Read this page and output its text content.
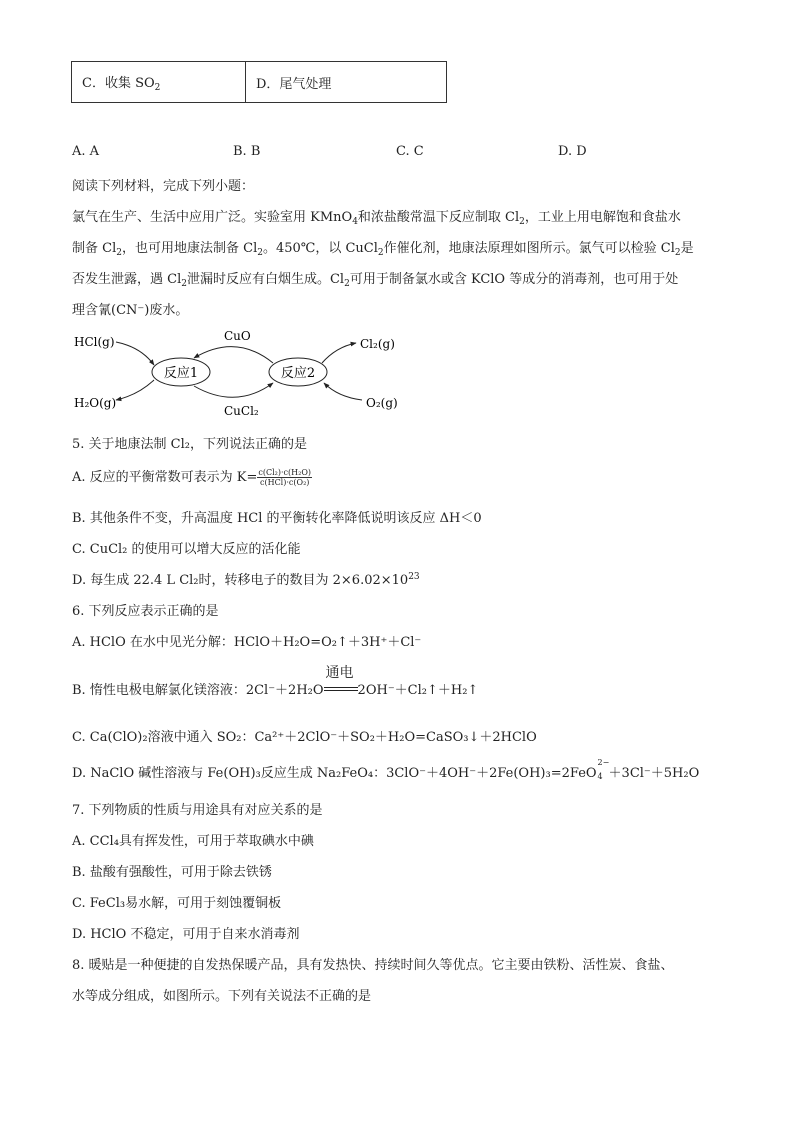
C．收集 $SO_2$	D．尾气处理
A. A	B. B	C. C	D. D
阅读下列材料，完成下列小题：
氯气在生产、生活中应用广泛。实验室用 KMnO$_4$和浓盐酸常温下反应制取 $Cl_2$，工业上用电解饱和食盐水
制备 $Cl_2$，也可用地康法制备 $Cl_2$。450℃，以 CuCl$_2$作催化剂，地康法原理如图所示。氯气可以检验 $Cl_2$是
否发生泄露，遇 $Cl_2$泄漏时反应有白烟生成。$Cl_2$可用于制备氯水或含 KClO 等成分的消毒剂，也可用于处
理含氰(CN⁻)废水。
HCl(g)
H₂O(g)
CuO
CuCl₂
Cl₂(g)
O₂(g)
反应1	反应2
5. 关于地康法制 Cl₂，下列说法正确的是
A. 反应的平衡常数可表示为 $K= \frac{\text{c(Cl₂)·c(H₂O)}}{\text{c(HCl)·c(O₂)}}$
B. 其他条件不变，升高温度 HCl 的平衡转化率降低说明该反应 ΔH＜0
C. CuCl₂ 的使用可以增大反应的活化能
D. 每生成 22.4 L Cl₂时，转移电子的数目为 $2\times 6.02\times 10^{23}$
6. 下列反应表示正确的是
A. HClO 在水中见光分解：HClO＋H₂O=O₂↑＋3H⁺＋Cl⁻
B. 惰性电极电解氯化镁溶液：2Cl⁻＋2H₂O
通电
2OH⁻＋Cl₂↑＋H₂↑
C. Ca(ClO)₂溶液中通入 SO₂：Ca²⁺＋2ClO⁻＋SO₂＋H₂O=CaSO₃↓＋2HClO
D. NaClO 碱性溶液与 Fe(OH)₃反应生成 Na₂FeO₄：3ClO⁻＋4OH⁻＋2Fe(OH)₃=2FeO
2−
4 ＋3Cl⁻＋5H₂O
7. 下列物质的性质与用途具有对应关系的是
A. CCl₄具有挥发性，可用于萃取碘水中碘
B. 盐酸有强酸性，可用于除去铁锈
C. FeCl₃易水解，可用于刻蚀覆铜板
D. HClO 不稳定，可用于自来水消毒剂
8. 暖贴是一种便捷的自发热保暖产品，具有发热快、持续时间久等优点。它主要由铁粉、活性炭、食盐、
水等成分组成，如图所示。下列有关说法不正确的是
